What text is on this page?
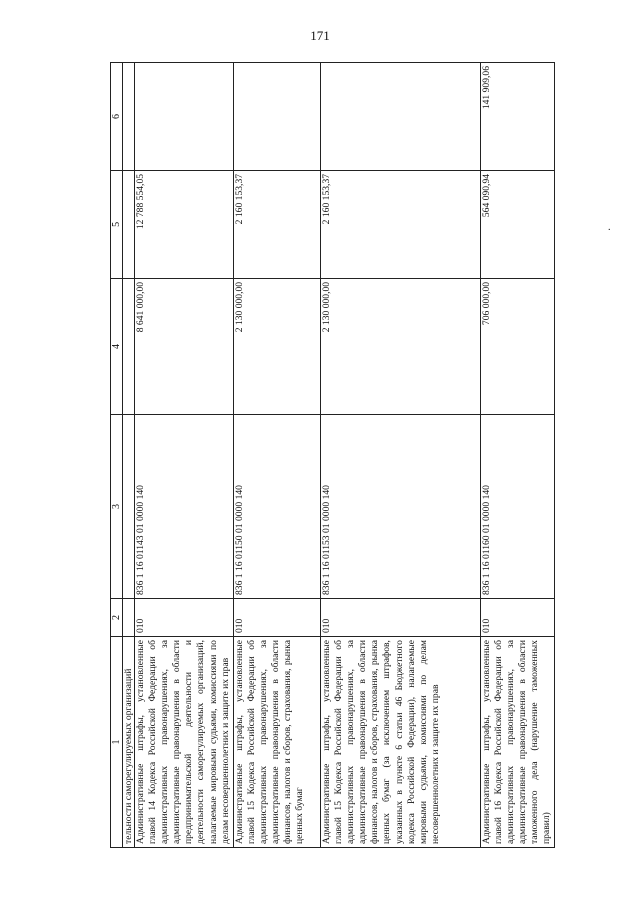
171
.
1	2	3	4	5	6
тельности саморегулируемых организаций					
Административные штрафы, установленные главой 14 Кодекса Российской Федерации об административных правонарушениях, за административные правонарушения в области предпринимательской деятельности и деятельности саморегулируемых организаций, налагаемые мировыми судьями, комиссиями по делам несовершеннолетних и защите их прав	010	836 1 16 01143 01 0000 140	8 641 000,00	12 788 554,05	
Административные штрафы, установленные главой 15 Кодекса Российской Федерации об административных правонарушениях, за административные правонарушения в области финансов, налогов и сборов, страхования, рынка ценных бумаг	010	836 1 16 01150 01 0000 140	2 130 000,00	2 160 153,37	
Административные штрафы, установленные главой 15 Кодекса Российской Федерации об административных правонарушениях, за административные правонарушения в области финансов, налогов и сборов, страхования, рынка ценных бумаг (за исключением штрафов, указанных в пункте 6 статьи 46 Бюджетного кодекса Российской Федерации), налагаемые мировыми судьями, комиссиями по делам несовершеннолетних и защите их прав	010	836 1 16 01153 01 0000 140	2 130 000,00	2 160 153,37	
Административные штрафы, установленные главой 16 Кодекса Российской Федерации об административных правонарушениях, за административные правонарушения в области таможенного дела (нарушение таможенных правил)	010	836 1 16 01160 01 0000 140	706 000,00	564 090,94	141 909,06
